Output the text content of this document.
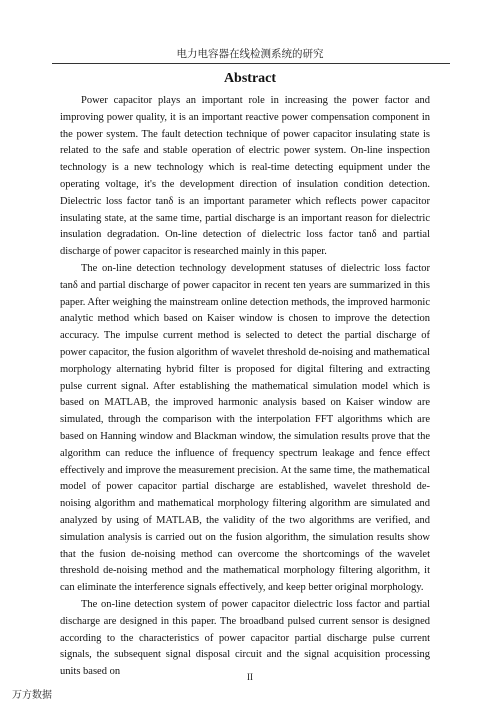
电力电容器在线检测系统的研究
Abstract

Power capacitor plays an important role in increasing the power factor and improving power quality, it is an important reactive power compensation component in the power system. The fault detection technique of power capacitor insulating state is related to the safe and stable operation of electric power system. On-line inspection technology is a new technology which is real-time detecting equipment under the operating voltage, it's the development direction of insulation condition detection. Dielectric loss factor tanδ is an important parameter which reflects power capacitor insulating state, at the same time, partial discharge is an important reason for dielectric insulation degradation. On-line detection of dielectric loss factor tanδ and partial discharge of power capacitor is researched mainly in this paper.

The on-line detection technology development statuses of dielectric loss factor tanδ and partial discharge of power capacitor in recent ten years are summarized in this paper. After weighing the mainstream online detection methods, the improved harmonic analytic method which based on Kaiser window is chosen to improve the detection accuracy. The impulse current method is selected to detect the partial discharge of power capacitor, the fusion algorithm of wavelet threshold de-noising and mathematical morphology alternating hybrid filter is proposed for digital filtering and extracting pulse current signal. After establishing the mathematical simulation model which is based on MATLAB, the improved harmonic analysis based on Kaiser window are simulated, through the comparison with the interpolation FFT algorithms which are based on Hanning window and Blackman window, the simulation results prove that the algorithm can reduce the influence of frequency spectrum leakage and fence effect effectively and improve the measurement precision. At the same time, the mathematical model of power capacitor partial discharge are established, wavelet threshold de-noising algorithm and mathematical morphology filtering algorithm are simulated and analyzed by using of MATLAB, the validity of the two algorithms are verified, and simulation analysis is carried out on the fusion algorithm, the simulation results show that the fusion de-noising method can overcome the shortcomings of the wavelet threshold de-noising method and the mathematical morphology filtering algorithm, it can eliminate the interference signals effectively, and keep better original morphology.

The on-line detection system of power capacitor dielectric loss factor and partial discharge are designed in this paper. The broadband pulsed current sensor is designed according to the characteristics of power capacitor partial discharge pulse current signals, the subsequent signal disposal circuit and the signal acquisition processing units based on	II
万方数据
